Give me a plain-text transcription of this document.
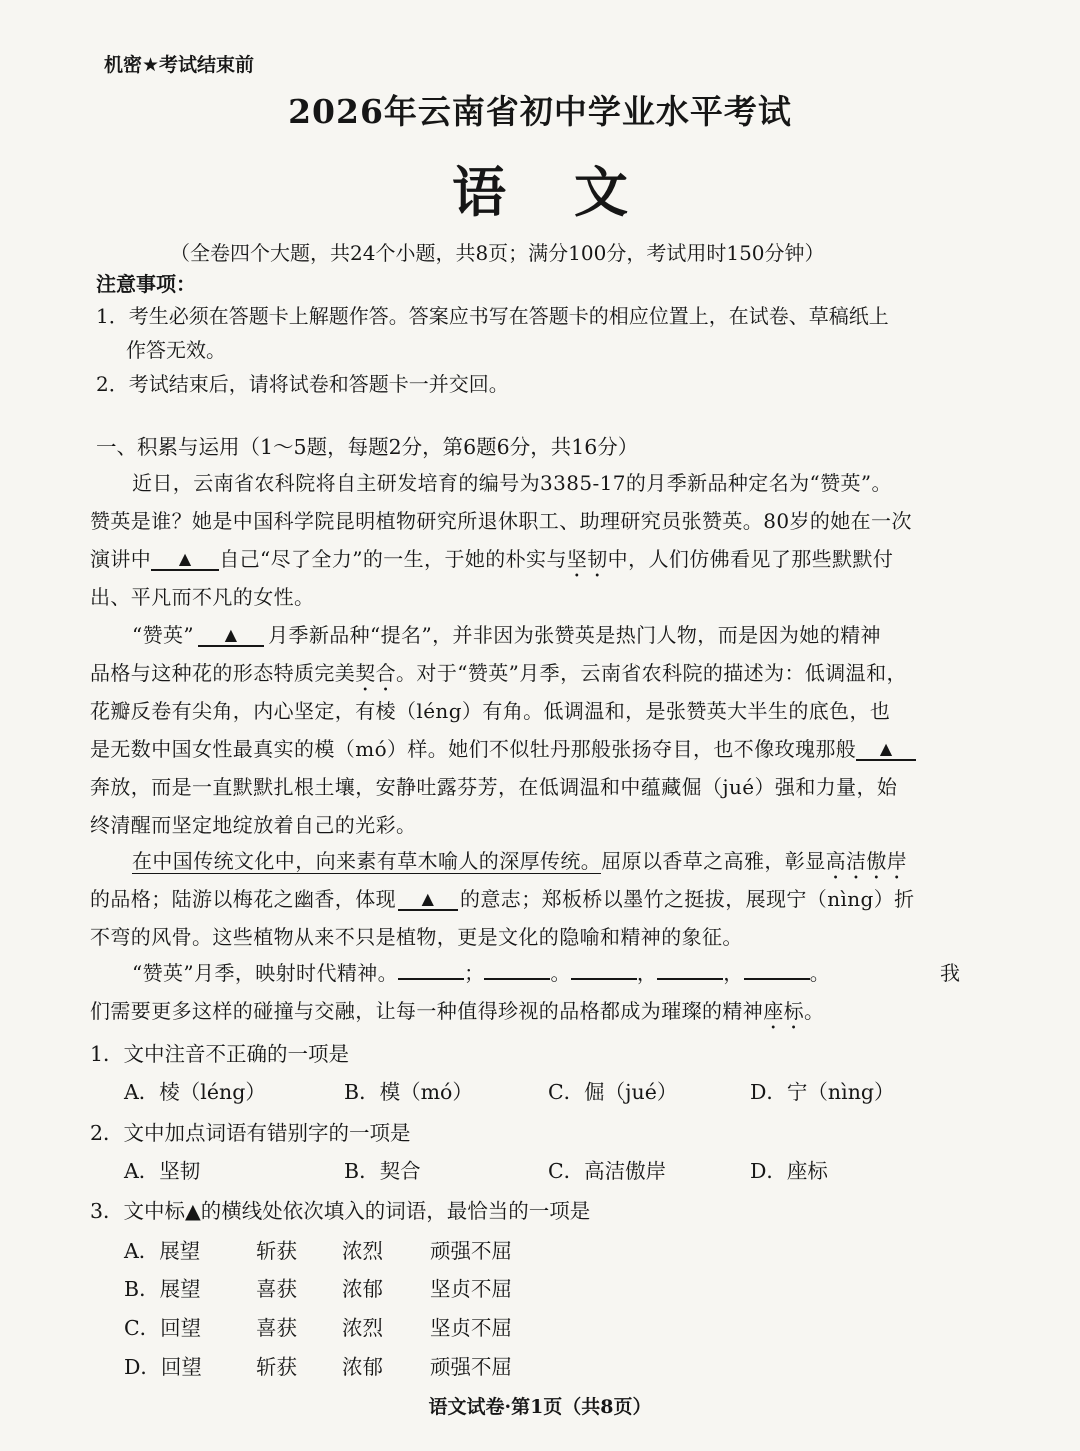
机密★考试结束前
2026年云南省初中学业水平考试
语 文
（全卷四个大题，共24个小题，共8页；满分100分，考试用时150分钟）
注意事项：
1．考生必须在答题卡上解题作答。答案应书写在答题卡的相应位置上，在试卷、草稿纸上
作答无效。
2．考试结束后，请将试卷和答题卡一并交回。
一、积累与运用（1～5题，每题2分，第6题6分，共16分）
近日，云南省农科院将自主研发培育的编号为3385-17的月季新品种定名为“赞英”。
赞英是谁？她是中国科学院昆明植物研究所退休职工、助理研究员张赞英。80岁的她在一次
演讲中 ▲ 自己“尽了全力”的一生，于她的朴实与坚韧中，人们仿佛看见了那些默默付
出、平凡而不凡的女性。
“赞英” ▲ 月季新品种“提名”，并非因为张赞英是热门人物，而是因为她的精神
品格与这种花的形态特质完美契合。对于“赞英”月季，云南省农科院的描述为：低调温和，
花瓣反卷有尖角，内心坚定，有棱（léng）有角。低调温和，是张赞英大半生的底色，也
是无数中国女性最真实的模（mó）样。她们不似牡丹那般张扬夺目，也不像玫瑰那般 ▲
奔放，而是一直默默扎根土壤，安静吐露芬芳，在低调温和中蕴藏倔（jué）强和力量，始
终清醒而坚定地绽放着自己的光彩。
在中国传统文化中，向来素有草木喻人的深厚传统。屈原以香草之高雅，彰显高洁傲岸
的品格；陆游以梅花之幽香，体现 ▲ 的意志；郑板桥以墨竹之挺拔，展现宁（nìng）折
不弯的风骨。这些植物从来不只是植物，更是文化的隐喻和精神的象征。
“赞英”月季，映射时代精神。	；	。	，	，	。	我
们需要更多这样的碰撞与交融，让每一种值得珍视的品格都成为璀璨的精神座标。
1．文中注音不正确的一项是
A．棱（léng）	B．模（mó）	C．倔（jué）	D．宁（nìng）
2．文中加点词语有错别字的一项是
A．坚韧	B．契合	C．高洁傲岸	D．座标
3．文中标▲的横线处依次填入的词语，最恰当的一项是
A．展望	斩获 浓烈 顽强不屈
B．展望	喜获 浓郁 坚贞不屈
C．回望	喜获 浓烈 坚贞不屈
D．回望	斩获 浓郁 顽强不屈
语文试卷·第1页（共8页）
